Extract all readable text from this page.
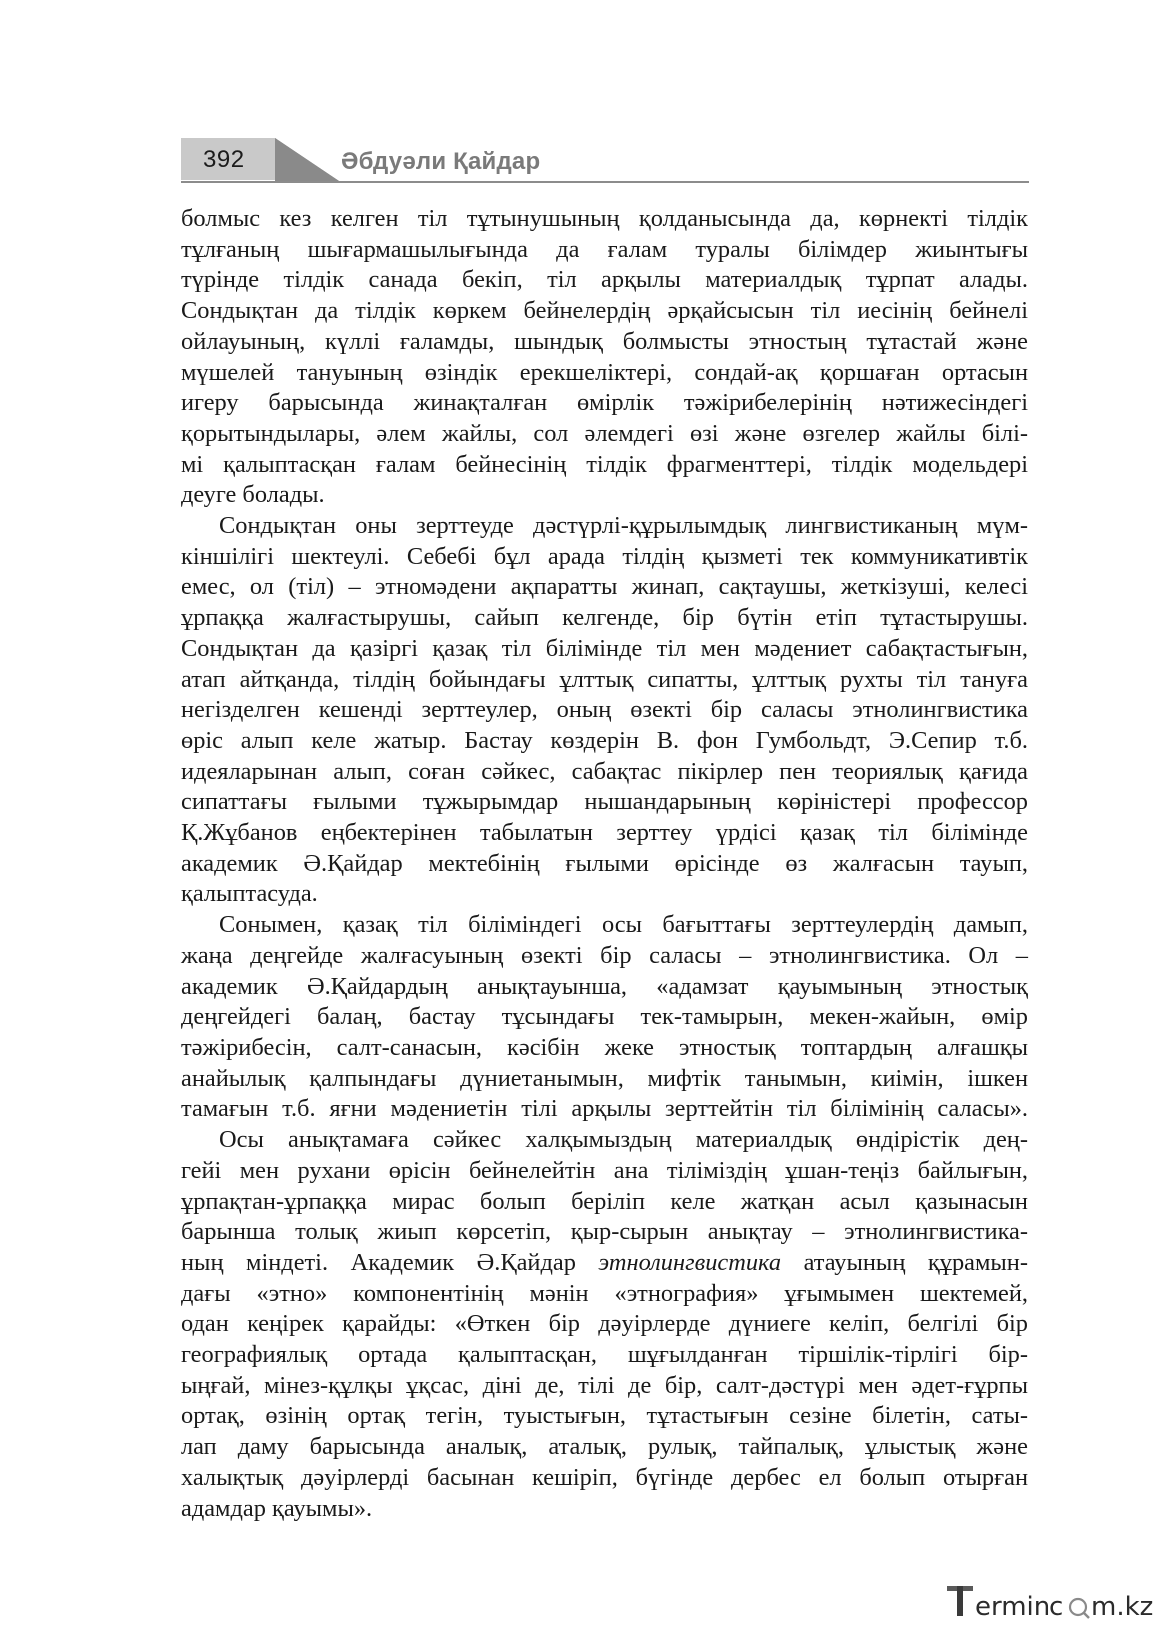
392	Әбдуәли Қайдар

болмыс кез келген тіл тұтынушының қолданысында да, көрнекті тілдік
тұлғаның шығармашылығында да ғалам туралы білімдер жиынтығы
түрінде тілдік санада бекіп, тіл арқылы материалдық тұрпат алады.
Сондықтан да тілдік көркем бейнелердің әрқайсысын тіл иесінің бейнелі
ойлауының, күллі ғаламды, шындық болмысты этностың тұтастай және
мүшелей тануының өзіндік ерекшеліктері, сондай-ақ қоршаған ортасын
игеру барысында жинақталған өмірлік тәжірибелерінің нәтижесіндегі
қорытындылары, әлем жайлы, сол әлемдегі өзі және өзгелер жайлы білі-
мі қалыптасқан ғалам бейнесінің тілдік фрагменттері, тілдік модельдері
деуге болады.

Сондықтан оны зерттеуде дәстүрлі-құрылымдық лингвистиканың мүм-
кіншілігі шектеулі. Себебі бұл арада тілдің қызметі тек коммуникативтік
емес, ол (тіл) – этномәдени ақпаратты жинап, сақтаушы, жеткізуші, келесі
ұрпаққа жалғастырушы, сайып келгенде, бір бүтін етіп тұтастырушы.
Сондықтан да қазіргі қазақ тіл білімінде тіл мен мәдениет сабақтастығын,
атап айтқанда, тілдің бойындағы ұлттық сипатты, ұлттық рухты тіл тануға
негізделген кешенді зерттеулер, оның өзекті бір саласы этнолингвистика
өріс алып келе жатыр. Бастау көздерін В. фон Гумбольдт, Э.Сепир т.б.
идеяларынан алып, соған сәйкес, сабақтас пікірлер пен теориялық қағида
сипаттағы ғылыми тұжырымдар нышандарының көріністері профессор
Қ.Жұбанов еңбектерінен табылатын зерттеу үрдісі қазақ тіл білімінде
академик Ә.Қайдар мектебінің ғылыми өрісінде өз жалғасын тауып,
қалыптасуда.

Сонымен, қазақ тіл біліміндегі осы бағыттағы зерттеулердің дамып,
жаңа деңгейде жалғасуының өзекті бір саласы – этнолингвистика. Ол –
академик Ә.Қайдардың анықтауынша, «адамзат қауымының этностық
деңгейдегі балаң, бастау тұсындағы тек-тамырын, мекен-жайын, өмір
тәжірибесін, салт-санасын, кәсібін жеке этностық топтардың алғашқы
анайылық қалпындағы дүниетанымын, мифтік танымын, киімін, ішкен
тамағын т.б. яғни мәдениетін тілі арқылы зерттейтін тіл білімінің саласы».

Осы анықтамаға сәйкес халқымыздың материалдық өндірістік дең-
гейі мен рухани өрісін бейнелейтін ана тіліміздің ұшан-теңіз байлығын,
ұрпақтан-ұрпаққа мирас болып беріліп келе жатқан асыл қазынасын
барынша толық жиып көрсетіп, қыр-сырын анықтау – этнолингвистика-
ның міндеті. Академик Ә.Қайдар этнолингвистика атауының құрамын-
дағы «этно» компонентінің мәнін «этнография» ұғымымен шектемей,
одан кеңірек қарайды: «Өткен бір дәуірлерде дүниеге келіп, белгілі бір
географиялық ортада қалыптасқан, шұғылданған тіршілік-тірлігі бір-
ыңғай, мінез-құлқы ұқсас, діні де, тілі де бір, салт-дәстүрі мен әдет-ғұрпы
ортақ, өзінің ортақ тегін, туыстығын, тұтастығын сезіне білетін, саты-
лап даму барысында аналық, аталық, рулық, тайпалық, ұлыстық және
халықтық дәуірлерді басынан кешіріп, бүгінде дербес ел болып отырған
адамдар қауымы».

ermin
c m.kz
